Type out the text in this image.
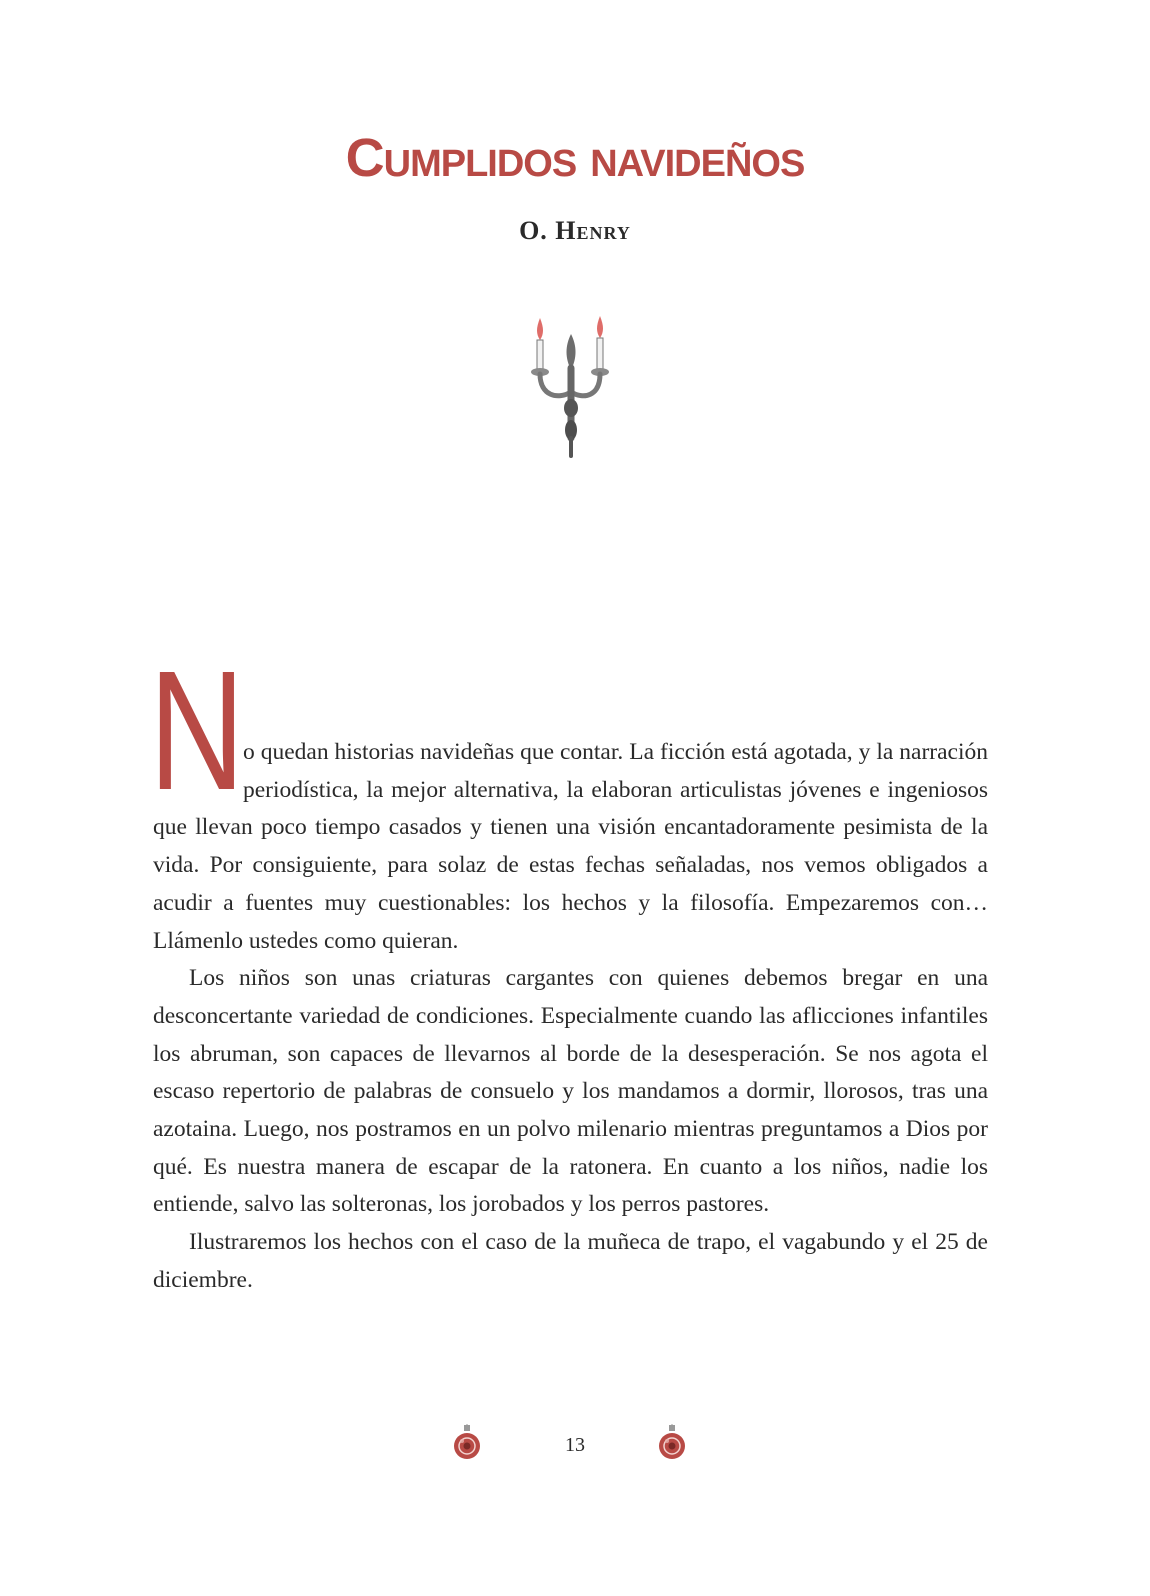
Cumplidos navideños
O. Henry

N
o quedan historias navideñas que contar. La ficción está agotada, y la narración periodística, la mejor alternativa, la elaboran articulistas jóvenes e ingeniosos que llevan poco tiempo casados y tienen una visión encantadoramente pesimista de la vida. Por consiguiente, para solaz de estas fechas señaladas, nos vemos obligados a acudir a fuentes muy cuestionables: los hechos y la filosofía. Empezaremos con… Llámenlo ustedes como quieran.

Los niños son unas criaturas cargantes con quienes debemos bregar en una desconcertante variedad de condiciones. Especialmente cuando las aflicciones infantiles los abruman, son capaces de llevarnos al borde de la desesperación. Se nos agota el escaso repertorio de palabras de consuelo y los mandamos a dormir, llorosos, tras una azotaina. Luego, nos postramos en un polvo milenario mientras preguntamos a Dios por qué. Es nuestra manera de escapar de la ratonera. En cuanto a los niños, nadie los entiende, salvo las solteronas, los jorobados y los perros pastores.

Ilustraremos los hechos con el caso de la muñeca de trapo, el vagabundo y el 25 de diciembre.

13
